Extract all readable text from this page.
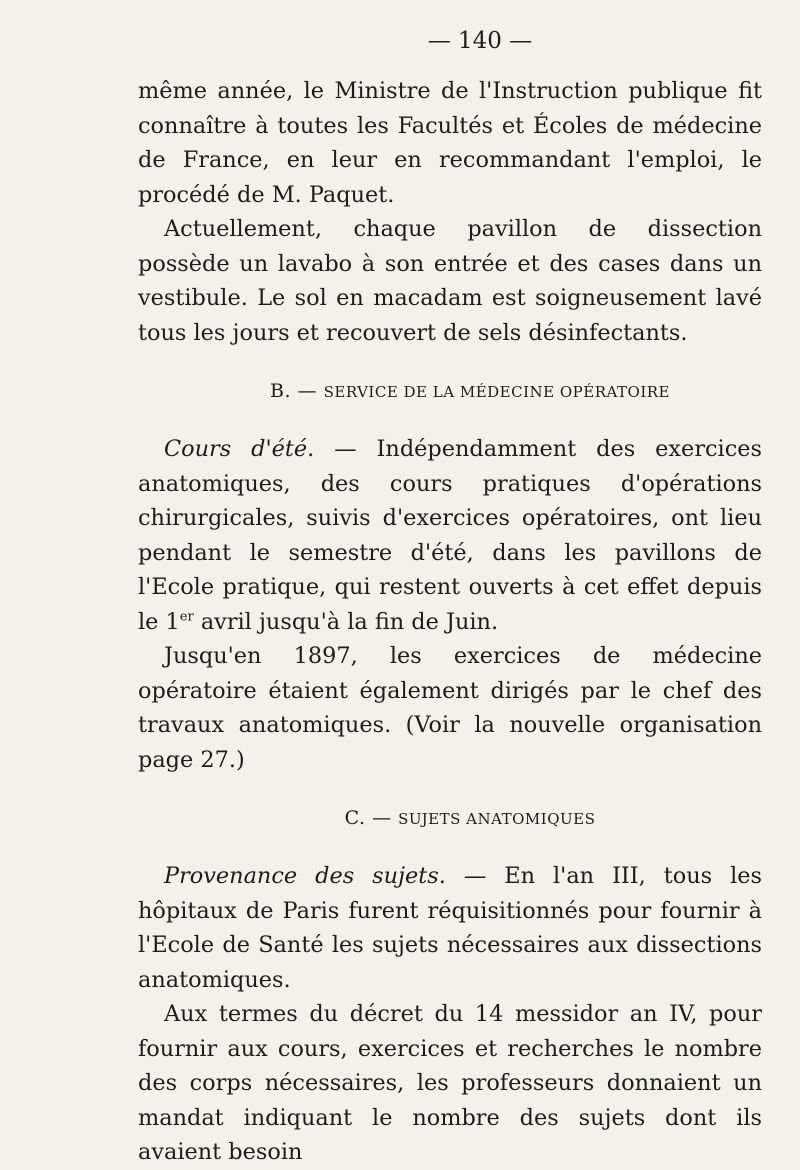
— 140 —

même année, le Ministre de l'Instruction publique fit connaître à toutes les Facultés et Écoles de médecine de France, en leur en recommandant l'emploi, le procédé de M. Paquet.

Actuellement, chaque pavillon de dissection possède un lavabo à son entrée et des cases dans un vestibule. Le sol en macadam est soigneusement lavé tous les jours et recouvert de sels désinfectants.

B. — SERVICE DE LA MÉDECINE OPÉRATOIRE

Cours d'été. — Indépendamment des exercices anatomiques, des cours pratiques d'opérations chirurgicales, suivis d'exercices opératoires, ont lieu pendant le semestre d'été, dans les pavillons de l'Ecole pratique, qui restent ouverts à cet effet depuis le 1er avril jusqu'à la fin de Juin.

Jusqu'en 1897, les exercices de médecine opératoire étaient également dirigés par le chef des travaux anatomiques. (Voir la nouvelle organisation page 27.)

C. — SUJETS ANATOMIQUES

Provenance des sujets. — En l'an III, tous les hôpitaux de Paris furent réquisitionnés pour fournir à l'Ecole de Santé les sujets nécessaires aux dissections anatomiques.

Aux termes du décret du 14 messidor an IV, pour fournir aux cours, exercices et recherches le nombre des corps nécessaires, les professeurs donnaient un mandat indiquant le nombre des sujets dont ils avaient besoin
